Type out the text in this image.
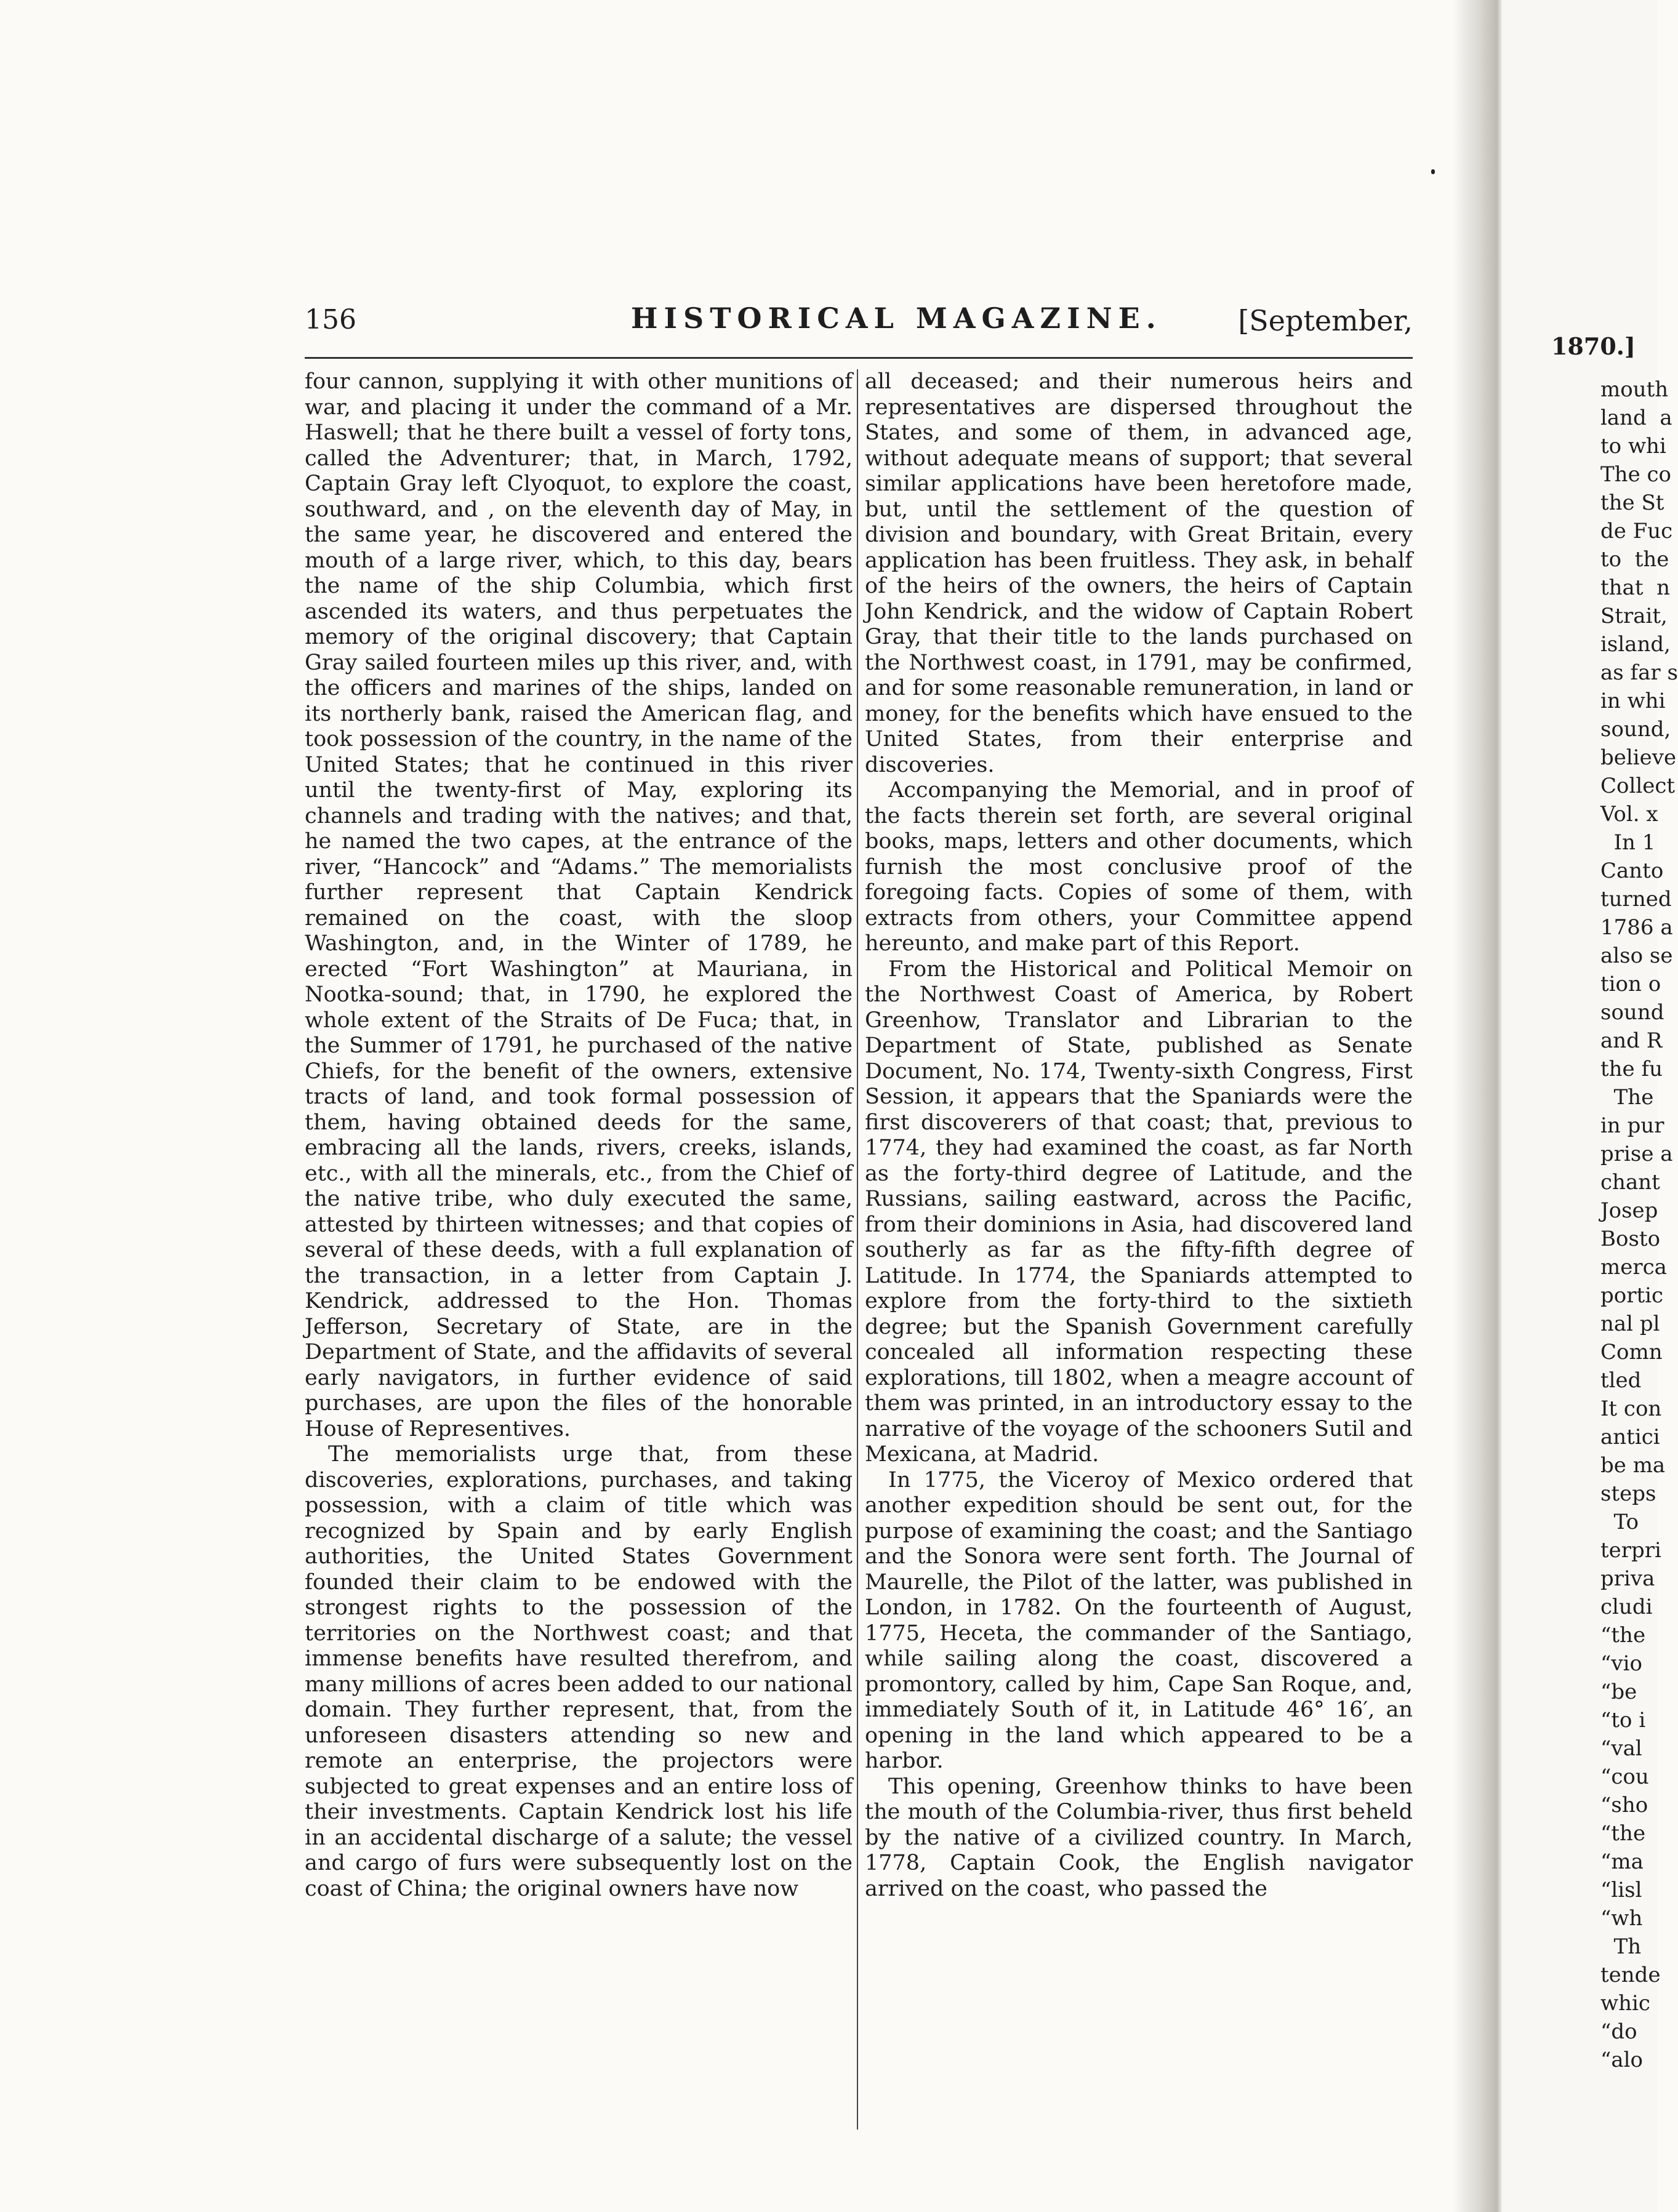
156	HISTORICAL MAGAZINE.	[September,

four cannon, supplying it with other munitions of war, and placing it under the command of a Mr. Haswell; that he there built a vessel of forty tons, called the Adventurer; that, in March, 1792, Captain Gray left Clyoquot, to explore the coast, southward, and , on the eleventh day of May, in the same year, he discovered and entered the mouth of a large river, which, to this day, bears the name of the ship Columbia, which first ascended its waters, and thus perpetuates the memory of the original discovery; that Captain Gray sailed fourteen miles up this river, and, with the officers and marines of the ships, landed on its northerly bank, raised the American flag, and took possession of the country, in the name of the United States; that he continued in this river until the twenty-first of May, exploring its channels and trading with the natives; and that, he named the two capes, at the entrance of the river, “Hancock” and “Adams.” The memorialists further represent that Captain Kendrick remained on the coast, with the sloop Washington, and, in the Winter of 1789, he erected “Fort Washington” at Mauriana, in Nootka-sound; that, in 1790, he explored the whole extent of the Straits of De Fuca; that, in the Summer of 1791, he purchased of the native Chiefs, for the benefit of the owners, extensive tracts of land, and took formal possession of them, having obtained deeds for the same, embracing all the lands, rivers, creeks, islands, etc., with all the minerals, etc., from the Chief of the native tribe, who duly executed the same, attested by thirteen witnesses; and that copies of several of these deeds, with a full explanation of the transaction, in a letter from Captain J. Kendrick, addressed to the Hon. Thomas Jefferson, Secretary of State, are in the Department of State, and the affidavits of several early navigators, in further evidence of said purchases, are upon the files of the honorable House of Representives.

The memorialists urge that, from these discoveries, explorations, purchases, and taking possession, with a claim of title which was recognized by Spain and by early English authorities, the United States Government founded their claim to be endowed with the strongest rights to the possession of the territories on the Northwest coast; and that immense benefits have resulted therefrom, and many millions of acres been added to our national domain. They further represent, that, from the unforeseen disasters attending so new and remote an enterprise, the projectors were subjected to great expenses and an entire loss of their investments. Captain Kendrick lost his life in an accidental discharge of a salute; the vessel and cargo of furs were subsequently lost on the coast of China; the original owners have now

all deceased; and their numerous heirs and representatives are dispersed throughout the States, and some of them, in advanced age, without adequate means of support; that several similar applications have been heretofore made, but, until the settlement of the question of division and boundary, with Great Britain, every application has been fruitless. They ask, in behalf of the heirs of the owners, the heirs of Captain John Kendrick, and the widow of Captain Robert Gray, that their title to the lands purchased on the Northwest coast, in 1791, may be confirmed, and for some reasonable remuneration, in land or money, for the benefits which have ensued to the United States, from their enterprise and discoveries.

Accompanying the Memorial, and in proof of the facts therein set forth, are several original books, maps, letters and other documents, which furnish the most conclusive proof of the foregoing facts. Copies of some of them, with extracts from others, your Committee append hereunto, and make part of this Report.

From the Historical and Political Memoir on the Northwest Coast of America, by Robert Greenhow, Translator and Librarian to the Department of State, published as Senate Document, No. 174, Twenty-sixth Congress, First Session, it appears that the Spaniards were the first discoverers of that coast; that, previous to 1774, they had examined the coast, as far North as the forty-third degree of Latitude, and the Russians, sailing eastward, across the Pacific, from their dominions in Asia, had discovered land southerly as far as the fifty-fifth degree of Latitude. In 1774, the Spaniards attempted to explore from the forty-third to the sixtieth degree; but the Spanish Government carefully concealed all information respecting these explorations, till 1802, when a meagre account of them was printed, in an introductory essay to the narrative of the voyage of the schooners Sutil and Mexicana, at Madrid.

In 1775, the Viceroy of Mexico ordered that another expedition should be sent out, for the purpose of examining the coast; and the Santiago and the Sonora were sent forth. The Journal of Maurelle, the Pilot of the latter, was published in London, in 1782. On the fourteenth of August, 1775, Heceta, the commander of the Santiago, while sailing along the coast, discovered a promontory, called by him, Cape San Roque, and, immediately South of it, in Latitude 46° 16′, an opening in the land which appeared to be a harbor.

This opening, Greenhow thinks to have been the mouth of the Columbia-river, thus first beheld by the native of a civilized country. In March, 1778, Captain Cook, the English navigator arrived on the coast, who passed the

1870.]
mouth
land  a
to whi
The co
the St
de Fuc
to  the
that  n
Strait,
island,
as far s
in whi
sound,
believe
Collect
Vol. x
In 1
Canto
turned
1786 a
also se
tion o
sound
and R
the fu
The
in pur
prise a
chant
Josep
Bosto
merca
portic
nal pl
Comn
tled
It con
antici
be ma
steps
To
terpri
priva
cludi
“the
“vio
“be
“to i
“val
“cou
“sho
“the
“ma
“lisl
“wh
Th
tende
whic
“do
“alo
